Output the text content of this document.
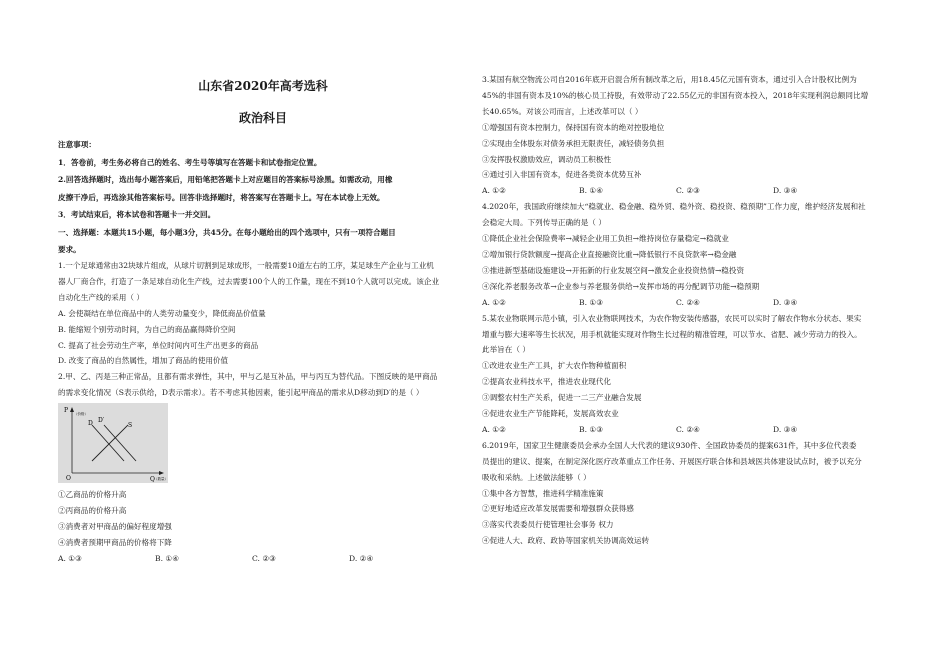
山东省2020年高考选科
政治科目

注意事项：

1．答卷前，考生务必将自己的姓名、考生号等填写在答题卡和试卷指定位置。

2.回答选择题时，选出每小题答案后，用铅笔把答题卡上对应题目的答案标号涂黑。如需改动，用橡

皮擦干净后，再选涂其他答案标号。回答非选择题时，将答案写在答题卡上。写在本试卷上无效。

3．考试结束后，将本试卷和答题卡一并交回。

一、选择题：本题共15小题，每小题3分，共45分。在每小题给出的四个选项中，只有一项符合题目

要求。

1.一个足球通常由32块球片组成，从球片切割到足球成形，一般需要10道左右的工序，某足球生产企业与工业机

器人厂商合作，打造了一条足球自动化生产线，过去需要100个人的工作量，现在不到10个人就可以完成。该企业

自动化生产线的采用（ ）

A. 会使凝结在单位商品中的人类劳动量变少，降低商品价值量

B. 能缩短个别劳动时间，为自己的商品赢得降价空间

C. 提高了社会劳动生产率，单位时间内可生产出更多的商品

D. 改变了商品的自然属性，增加了商品的使用价值

2.甲、乙、丙是三种正常品，且都有需求弹性，其中，甲与乙是互补品，甲与丙互为替代品。下图反映的是甲商品

的需求变化情况（S表示供给，D表示需求）。若不考虑其他因素，能引起甲商品的需求从D移动到D′的是（ ）

P （价格）
Q （数量）
O
D D′
S

①乙商品的价格升高

②丙商品的价格升高

③消费者对甲商品的偏好程度增强

④消费者预期甲商品的价格将下降

A. ①③	B. ①④	C. ②③	D. ②④

3.某国有航空物流公司自2016年底开启混合所有制改革之后，用18.45亿元国有资本，通过引入合计股权比例为

45%的非国有资本及10%的核心员工持股，有效带动了22.55亿元的非国有资本投入，2018年实现利润总额同比增

长40.65%。对该公司而言，上述改革可以（ ）

①增强国有资本控制力，保持国有资本的绝对控股地位

②实现由全体股东对债务承担无限责任，减轻债务负担

③发挥股权激励效应，调动员工积极性

④通过引入非国有资本，促进各类资本优势互补

A. ①②	B. ①④	C. ②③	D. ③④

4.2020年，我国政府继续加大“稳就业、稳金融、稳外贸、稳外资、稳投资、稳预期”工作力度，维护经济发展和社

会稳定大局。下列传导正确的是（ ）

①降低企业社会保险费率→减轻企业用工负担→维持岗位存量稳定→稳就业

②增加银行贷款额度→提高企业直接融资比重→降低银行不良贷款率→稳金融

③推进新型基础设施建设→开拓新的行业发展空间→激发企业投资热情→稳投资

④深化养老服务改革→企业参与养老服务供给→发挥市场的再分配调节功能→稳预期

A. ①②	B. ①③	C. ②④	D. ③④

5.某农业物联网示范小镇，引入农业物联网技术，为农作物安装传感器，农民可以实时了解农作物水分状态、果实

增重与膨大速率等生长状况，用手机就能实现对作物生长过程的精准管理，可以节水、省肥、减少劳动力的投入。

此举旨在（ ）

①改进农业生产工具，扩大农作物种植面积

②提高农业科技水平，推进农业现代化

③调整农村生产关系，促进一二三产业融合发展

④促进农业生产节能降耗，发展高效农业

A. ①②	B. ①③	C. ②④	D. ③④

6.2019年，国家卫生健康委员会承办全国人大代表的建议930件、全国政协委员的提案631件，其中多位代表委

员提出的建议、提案，在制定深化医疗改革重点工作任务、开展医疗联合体和县域医共体建设试点时，被予以充分

吸收和采纳。上述做法能够（ ）

①集中各方智慧，推进科学精准施策

②更好地适应改革发展需要和增强群众获得感

③落实代表委员行使管理社会事务 权力

④促进人大、政府、政协等国家机关协调高效运转
